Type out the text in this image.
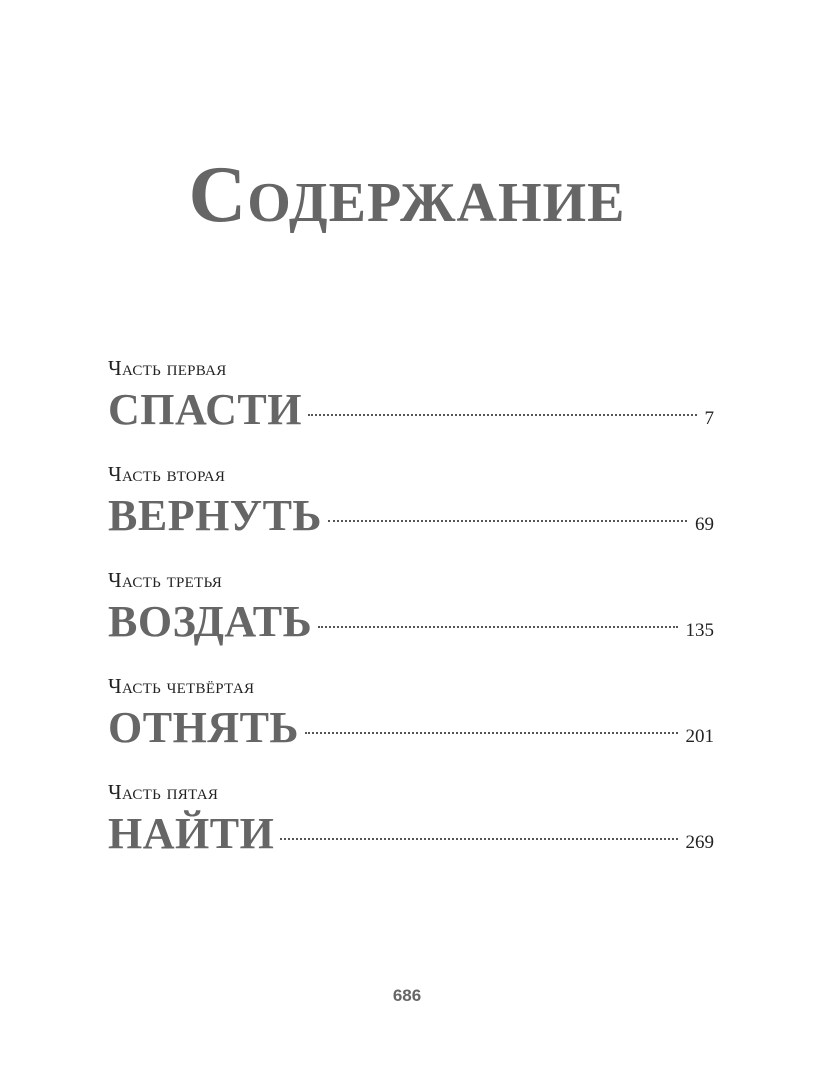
Содержание
Часть первая
СПАСТИ	7
Часть вторая
ВЕРНУТЬ	69
Часть третья
ВОЗДАТЬ	135
Часть четвёртая
ОТНЯТЬ	201
Часть пятая
НАЙТИ	269
686
